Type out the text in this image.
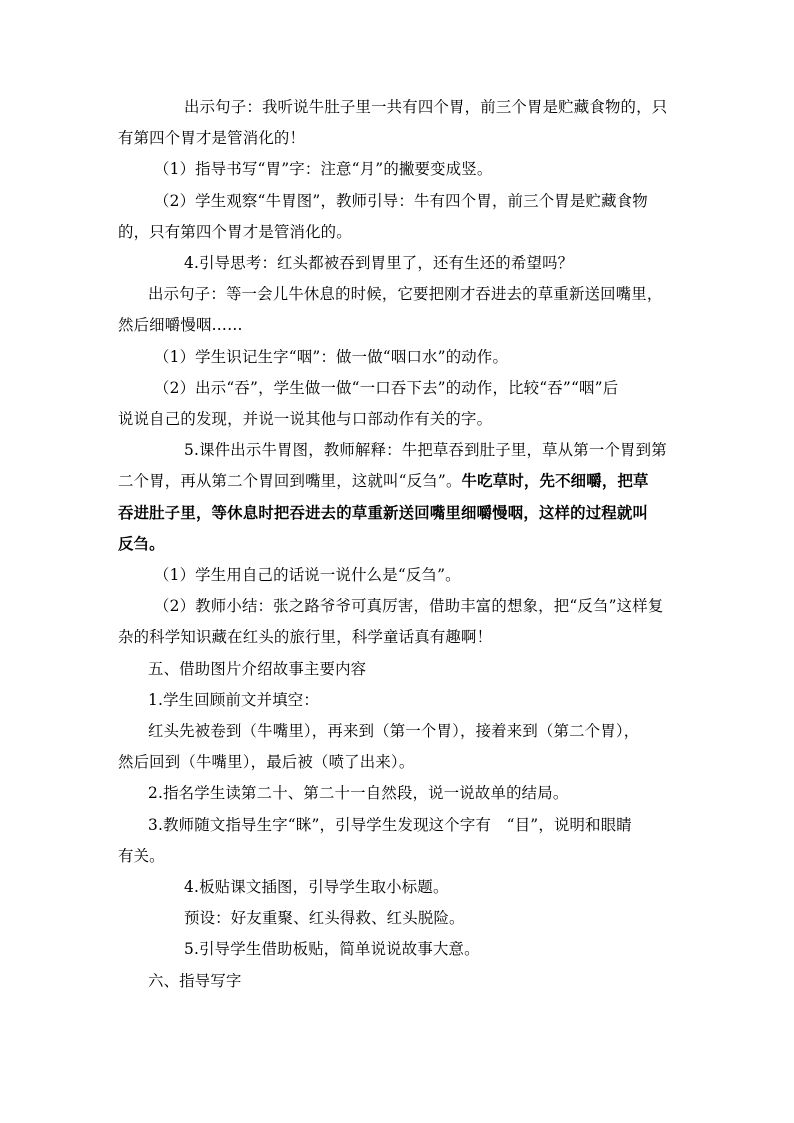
出示句子：我听说牛肚子里一共有四个胃，前三个胃是贮藏食物的，只
有第四个胃才是管消化的！
（1）指导书写“胃”字：注意“月”的撇要变成竖。
（2）学生观察“牛胃图”，教师引导：牛有四个胃，前三个胃是贮藏食物
的，只有第四个胃才是管消化的。
4.引导思考：红头都被吞到胃里了，还有生还的希望吗？
出示句子：等一会儿牛休息的时候，它要把刚才吞进去的草重新送回嘴里，
然后细嚼慢咽……
（1）学生识记生字“咽”：做一做“咽口水”的动作。
（2）出示“吞”，学生做一做“一口吞下去”的动作，比较“吞”“咽”后
说说自己的发现，并说一说其他与口部动作有关的字。
5.课件出示牛胃图，教师解释：牛把草吞到肚子里，草从第一个胃到第
二个胃，再从第二个胃回到嘴里，这就叫“反刍”。牛吃草时，先不细嚼，把草
吞进肚子里，等休息时把吞进去的草重新送回嘴里细嚼慢咽，这样的过程就叫
反刍。
（1）学生用自己的话说一说什么是“反刍”。
（2）教师小结：张之路爷爷可真厉害，借助丰富的想象，把“反刍”这样复
杂的科学知识藏在红头的旅行里，科学童话真有趣啊！
五、借助图片介绍故事主要内容
1.学生回顾前文并填空：
红头先被卷到（牛嘴里），再来到（第一个胃），接着来到（第二个胃），
然后回到（牛嘴里），最后被（喷了出来）。
2.指名学生读第二十、第二十一自然段，说一说故单的结局。
3.教师随文指导生字“眯”，引导学生发现这个字有　“目”，说明和眼睛
有关。
4.板贴课文插图，引导学生取小标题。
预设：好友重聚、红头得救、红头脱险。
5.引导学生借助板贴，简单说说故事大意。
六、指导写字
